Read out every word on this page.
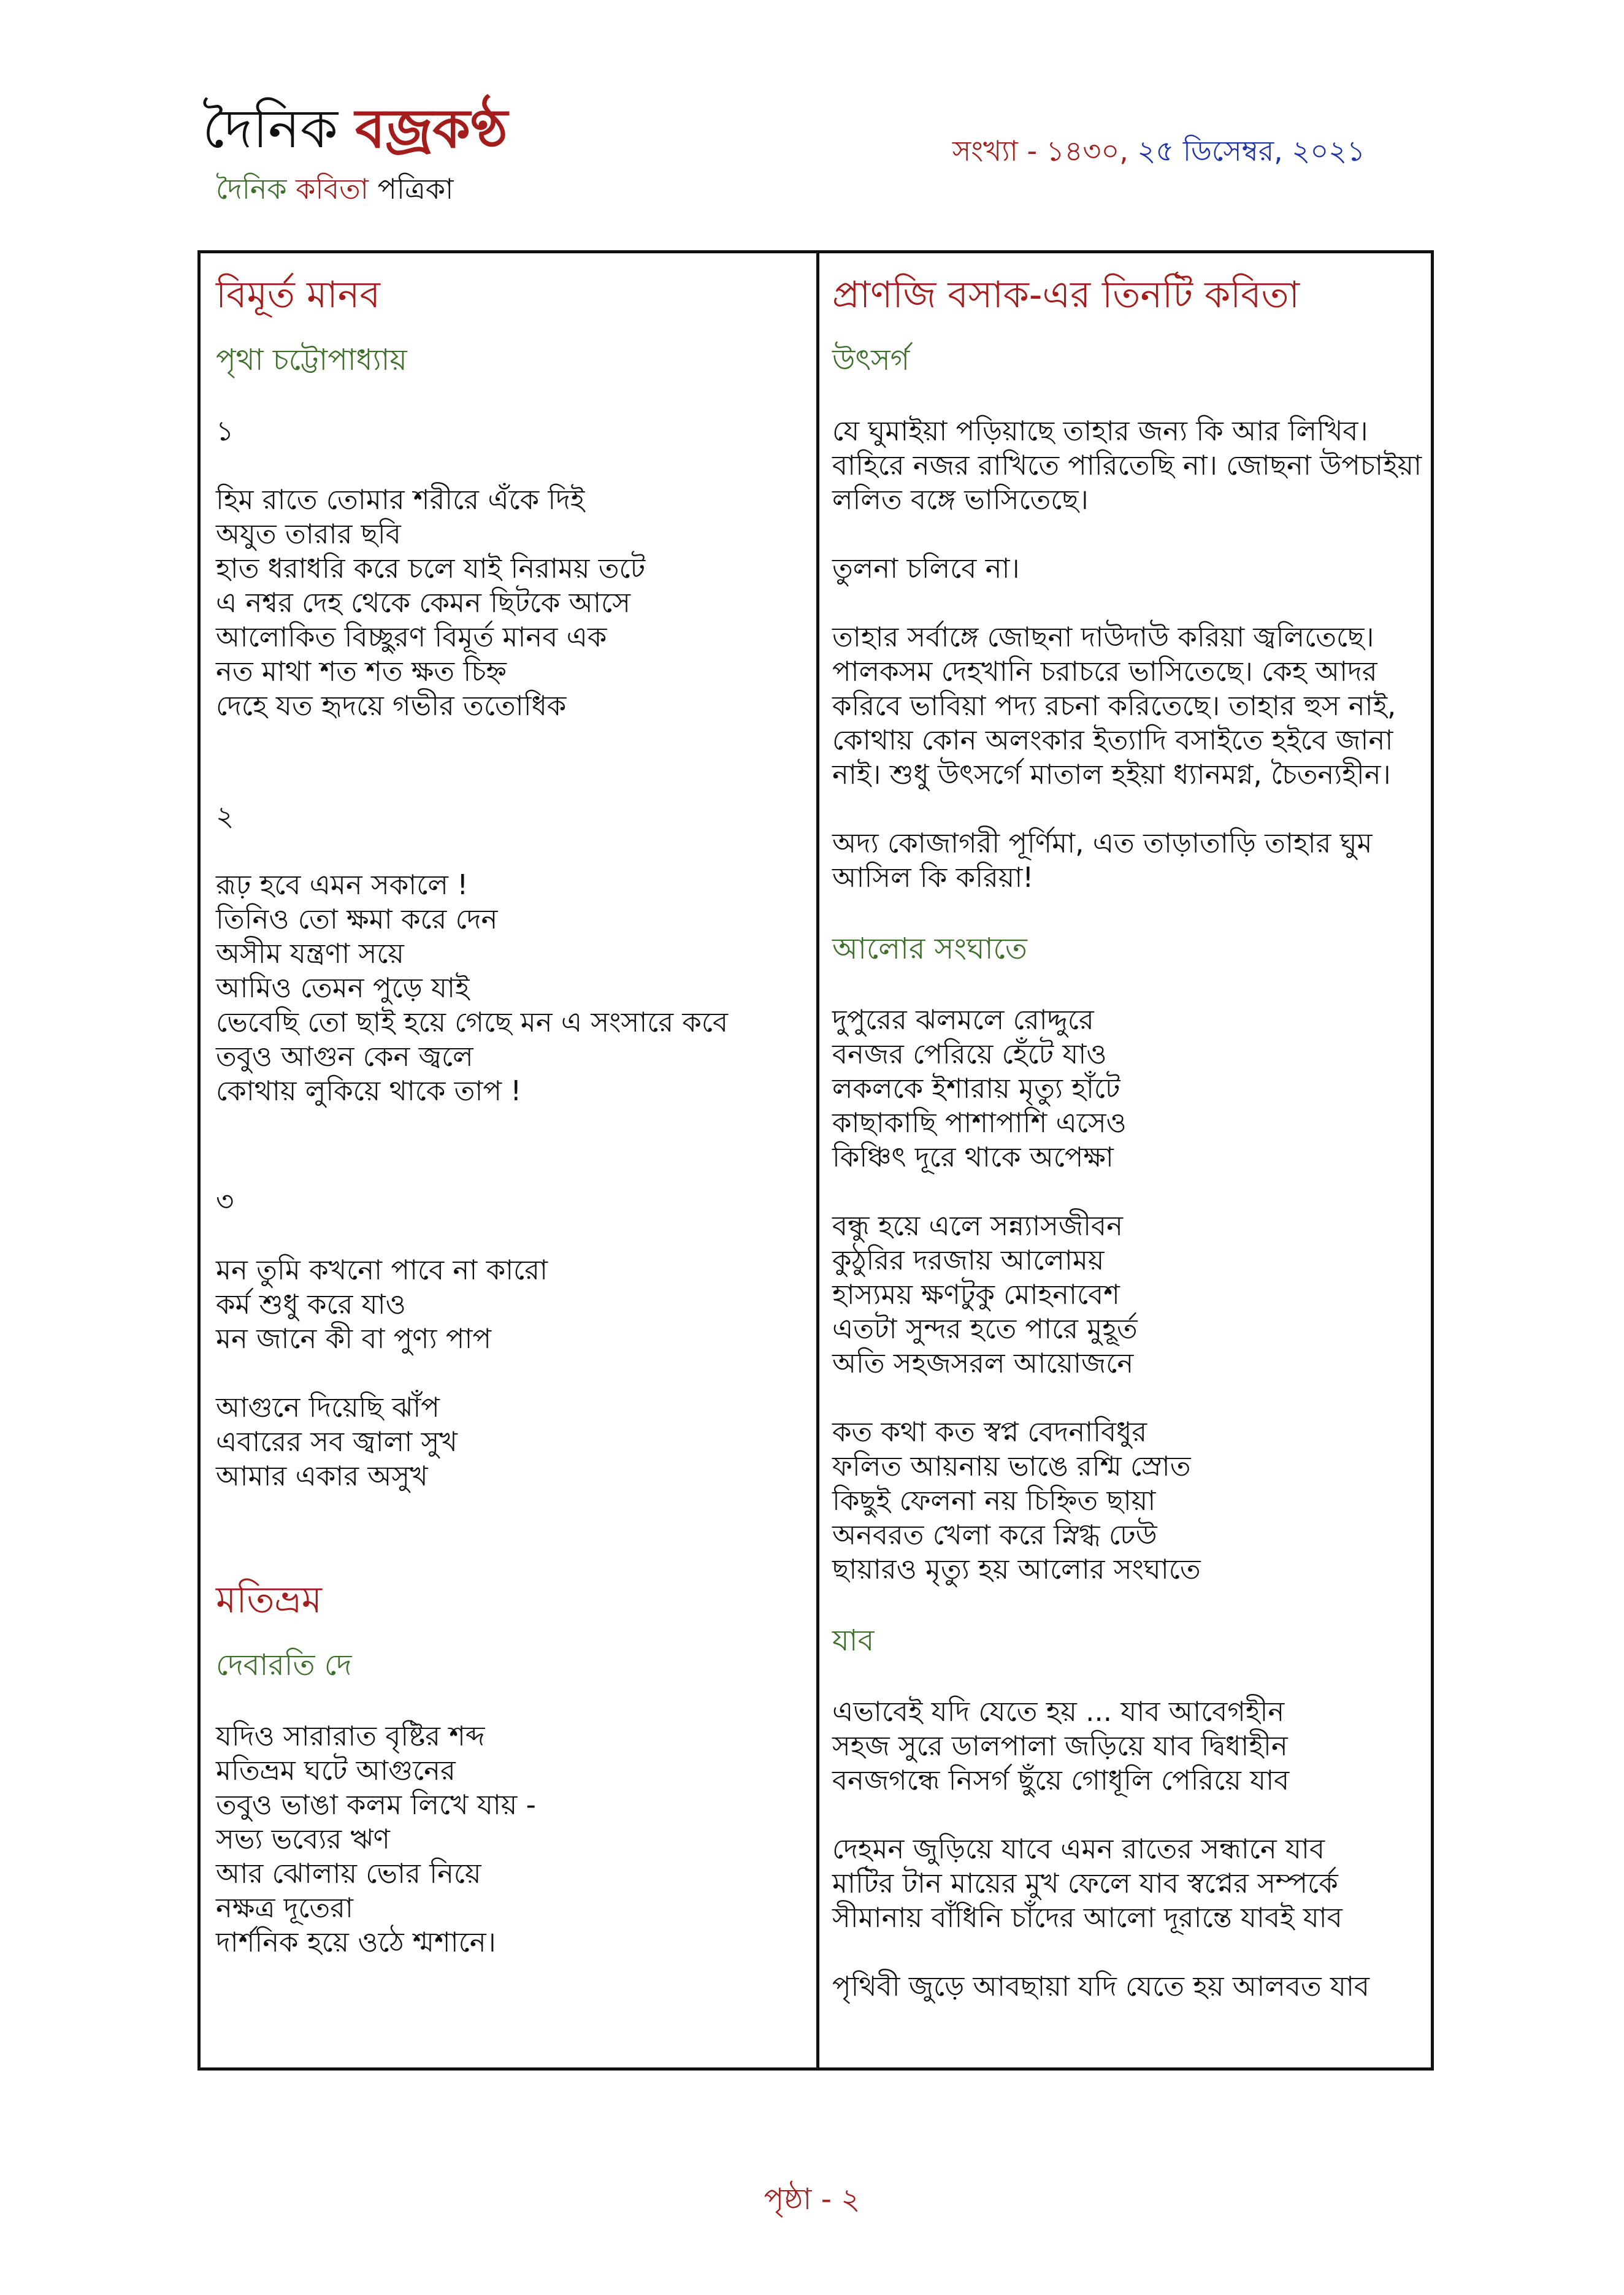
দৈনিক বজ্রকণ্ঠ
দৈনিক কবিতা পত্রিকা
সংখ্যা - ১৪৩০, ২৫ ডিসেম্বর, ২০২১
বিমূর্ত মানব
পৃথা চট্টোপাধ্যায়
১
হিম রাতে তোমার শরীরে এঁকে দিই
অযুত তারার ছবি
হাত ধরাধরি করে চলে যাই নিরাময় তটে
এ নশ্বর দেহ থেকে কেমন ছিটকে আসে
আলোকিত বিচ্ছুরণ বিমূর্ত মানব এক
নত মাথা শত শত ক্ষত চিহ্ন
দেহে যত হৃদয়ে গভীর ততোধিক
২
রূঢ় হবে এমন সকালে !
তিনিও তো ক্ষমা করে দেন
অসীম যন্ত্রণা সয়ে
আমিও তেমন পুড়ে যাই
ভেবেছি তো ছাই হয়ে গেছে মন এ সংসারে কবে
তবুও আগুন কেন জ্বলে
কোথায় লুকিয়ে থাকে তাপ !
৩
মন তুমি কখনো পাবে না কারো
কর্ম শুধু করে যাও
মন জানে কী বা পুণ্য পাপ
আগুনে দিয়েছি ঝাঁপ
এবারের সব জ্বালা সুখ
আমার একার অসুখ
মতিভ্রম
দেবারতি দে
যদিও সারারাত বৃষ্টির শব্দ
মতিভ্রম ঘটে আগুনের
তবুও ভাঙা কলম লিখে যায় -
সভ্য ভব্যের ঋণ
আর ঝোলায় ভোর নিয়ে
নক্ষত্র দূতেরা
দার্শনিক হয়ে ওঠে শ্মশানে।
প্রাণজি বসাক-এর তিনটি কবিতা
উৎসর্গ
যে ঘুমাইয়া পড়িয়াছে তাহার জন্য কি আর লিখিব।
বাহিরে নজর রাখিতে পারিতেছি না। জোছনা উপচাইয়া
ললিত বঙ্গে ভাসিতেছে।
তুলনা চলিবে না।
তাহার সর্বাঙ্গে জোছনা দাউদাউ করিয়া জ্বলিতেছে।
পালকসম দেহখানি চরাচরে ভাসিতেছে। কেহ আদর
করিবে ভাবিয়া পদ্য রচনা করিতেছে। তাহার হুস নাই,
কোথায় কোন অলংকার ইত্যাদি বসাইতে হইবে জানা
নাই। শুধু উৎসর্গে মাতাল হইয়া ধ্যানমগ্ন, চৈতন্যহীন।
অদ্য কোজাগরী পূর্ণিমা, এত তাড়াতাড়ি তাহার ঘুম
আসিল কি করিয়া!
আলোর সংঘাতে
দুপুরের ঝলমলে রোদ্দুরে
বনজর পেরিয়ে হেঁটে যাও
লকলকে ইশারায় মৃত্যু হাঁটে
কাছাকাছি পাশাপাশি এসেও
কিঞ্চিৎ দূরে থাকে অপেক্ষা
বন্ধু হয়ে এলে সন্ন্যাসজীবন
কুঠুরির দরজায় আলোময়
হাস্যময় ক্ষণটুকু মোহনাবেশ
এতটা সুন্দর হতে পারে মুহূর্ত
অতি সহজসরল আয়োজনে
কত কথা কত স্বপ্ন বেদনাবিধুর
ফলিত আয়নায় ভাঙে রশ্মি স্রোত
কিছুই ফেলনা নয় চিহ্নিত ছায়া
অনবরত খেলা করে স্নিগ্ধ ঢেউ
ছায়ারও মৃত্যু হয় আলোর সংঘাতে
যাব
এভাবেই যদি যেতে হয় ... যাব আবেগহীন
সহজ সুরে ডালপালা জড়িয়ে যাব দ্বিধাহীন
বনজগন্ধে নিসর্গ ছুঁয়ে গোধূলি পেরিয়ে যাব
দেহমন জুড়িয়ে যাবে এমন রাতের সন্ধানে যাব
মাটির টান মায়ের মুখ ফেলে যাব স্বপ্নের সম্পর্কে
সীমানায় বাঁধিনি চাঁদের আলো দূরান্তে যাবই যাব
পৃথিবী জুড়ে আবছায়া যদি যেতে হয় আলবত যাব
পৃষ্ঠা - ২
